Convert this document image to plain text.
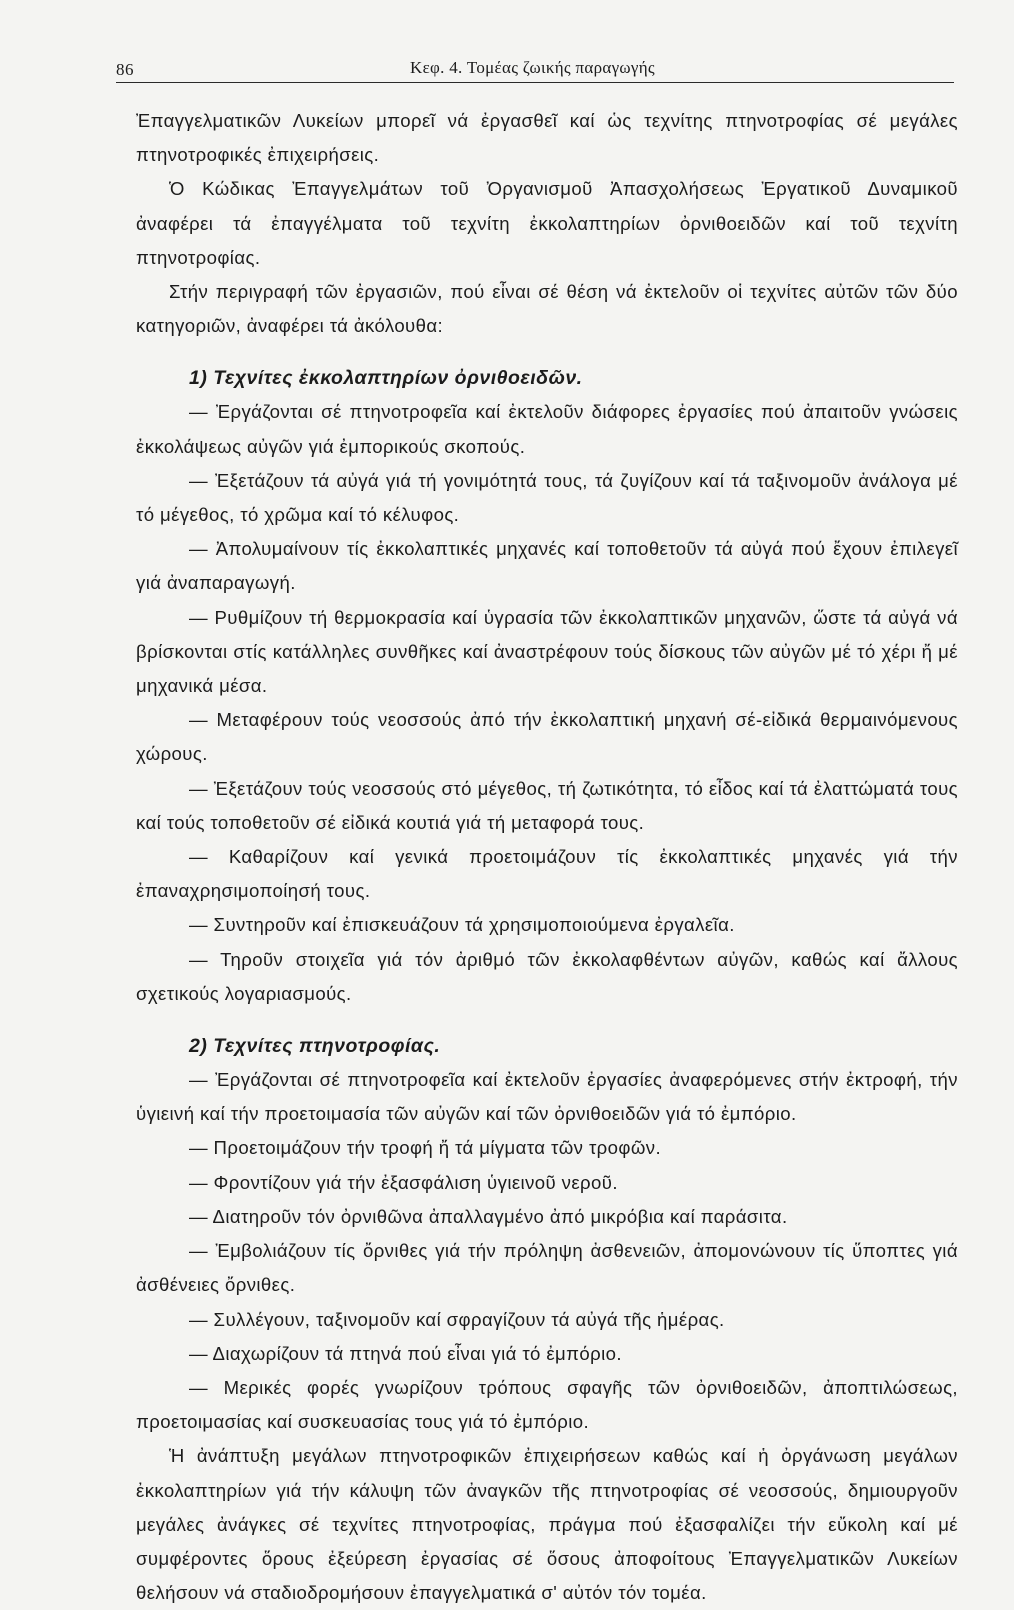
86	Κεφ. 4. Τομέας ζωικής παραγωγής

Ἐπαγγελματικῶν Λυκείων μπορεῖ νά ἐργασθεῖ καί ὡς τεχνίτης πτηνοτροφίας σέ μεγάλες πτηνοτροφικές ἐπιχειρήσεις.

Ὁ Κώδικας Ἐπαγγελμάτων τοῦ Ὀργανισμοῦ Ἀπασχολήσεως Ἐργατικοῦ Δυναμικοῦ ἀναφέρει τά ἐπαγγέλματα τοῦ τεχνίτη ἐκκολαπτηρίων ὀρνιθοειδῶν καί τοῦ τεχνίτη πτηνοτροφίας.

Στήν περιγραφή τῶν ἐργασιῶν, πού εἶναι σέ θέση νά ἐκτελοῦν οἱ τεχνίτες αὐτῶν τῶν δύο κατηγοριῶν, ἀναφέρει τά ἀκόλουθα:

1) Τεχνίτες ἐκκολαπτηρίων ὀρνιθοειδῶν.

— Ἐργάζονται σέ πτηνοτροφεῖα καί ἐκτελοῦν διάφορες ἐργασίες πού ἀπαιτοῦν γνώσεις ἐκκολάψεως αὐγῶν γιά ἐμπορικούς σκοπούς.

— Ἐξετάζουν τά αὐγά γιά τή γονιμότητά τους, τά ζυγίζουν καί τά ταξινομοῦν ἀνάλογα μέ τό μέγεθος, τό χρῶμα καί τό κέλυφος.

— Ἀπολυμαίνουν τίς ἐκκολαπτικές μηχανές καί τοποθετοῦν τά αὐγά πού ἔχουν ἐπιλεγεῖ γιά ἀναπαραγωγή.

— Ρυθμίζουν τή θερμοκρασία καί ὑγρασία τῶν ἐκκολαπτικῶν μηχανῶν, ὥστε τά αὐγά νά βρίσκονται στίς κατάλληλες συνθῆκες καί ἀναστρέφουν τούς δίσκους τῶν αὐγῶν μέ τό χέρι ἤ μέ μηχανικά μέσα.

— Μεταφέρουν τούς νεοσσούς ἀπό τήν ἐκκολαπτική μηχανή σέ-εἰδικά θερμαινόμενους χώρους.

— Ἐξετάζουν τούς νεοσσούς στό μέγεθος, τή ζωτικότητα, τό εἶδος καί τά ἐλαττώματά τους καί τούς τοποθετοῦν σέ εἰδικά κουτιά γιά τή μεταφορά τους.

— Καθαρίζουν καί γενικά προετοιμάζουν τίς ἐκκολαπτικές μηχανές γιά τήν ἐπαναχρησιμοποίησή τους.

— Συντηροῦν καί ἐπισκευάζουν τά χρησιμοποιούμενα ἐργαλεῖα.

— Τηροῦν στοιχεῖα γιά τόν ἀριθμό τῶν ἐκκολαφθέντων αὐγῶν, καθώς καί ἄλλους σχετικούς λογαριασμούς.

2) Τεχνίτες πτηνοτροφίας.

— Ἐργάζονται σέ πτηνοτροφεῖα καί ἐκτελοῦν ἐργασίες ἀναφερόμενες στήν ἐκτροφή, τήν ὑγιεινή καί τήν προετοιμασία τῶν αὐγῶν καί τῶν ὀρνιθοειδῶν γιά τό ἐμπόριο.

— Προετοιμάζουν τήν τροφή ἤ τά μίγματα τῶν τροφῶν.

— Φροντίζουν γιά τήν ἐξασφάλιση ὑγιεινοῦ νεροῦ.

— Διατηροῦν τόν ὀρνιθῶνα ἀπαλλαγμένο ἀπό μικρόβια καί παράσιτα.

— Ἐμβολιάζουν τίς ὄρνιθες γιά τήν πρόληψη ἀσθενειῶν, ἀπομονώνουν τίς ὕποπτες γιά ἀσθένειες ὄρνιθες.

— Συλλέγουν, ταξινομοῦν καί σφραγίζουν τά αὐγά τῆς ἡμέρας.

— Διαχωρίζουν τά πτηνά πού εἶναι γιά τό ἐμπόριο.

— Μερικές φορές γνωρίζουν τρόπους σφαγῆς τῶν ὀρνιθοειδῶν, ἀποπτιλώσεως, προετοιμασίας καί συσκευασίας τους γιά τό ἐμπόριο.

Ἡ ἀνάπτυξη μεγάλων πτηνοτροφικῶν ἐπιχειρήσεων καθώς καί ἡ ὀργάνωση μεγάλων ἐκκολαπτηρίων γιά τήν κάλυψη τῶν ἀναγκῶν τῆς πτηνοτροφίας σέ νεοσσούς, δημιουργοῦν μεγάλες ἀνάγκες σέ τεχνίτες πτηνοτροφίας, πράγμα πού ἐξασφαλίζει τήν εὔκολη καί μέ συμφέροντες ὅρους ἐξεύρεση ἐργασίας σέ ὅσους ἀποφοίτους Ἐπαγγελματικῶν Λυκείων θελήσουν νά σταδιοδρομήσουν ἐπαγγελματικά σ' αὐτόν τόν τομέα.
